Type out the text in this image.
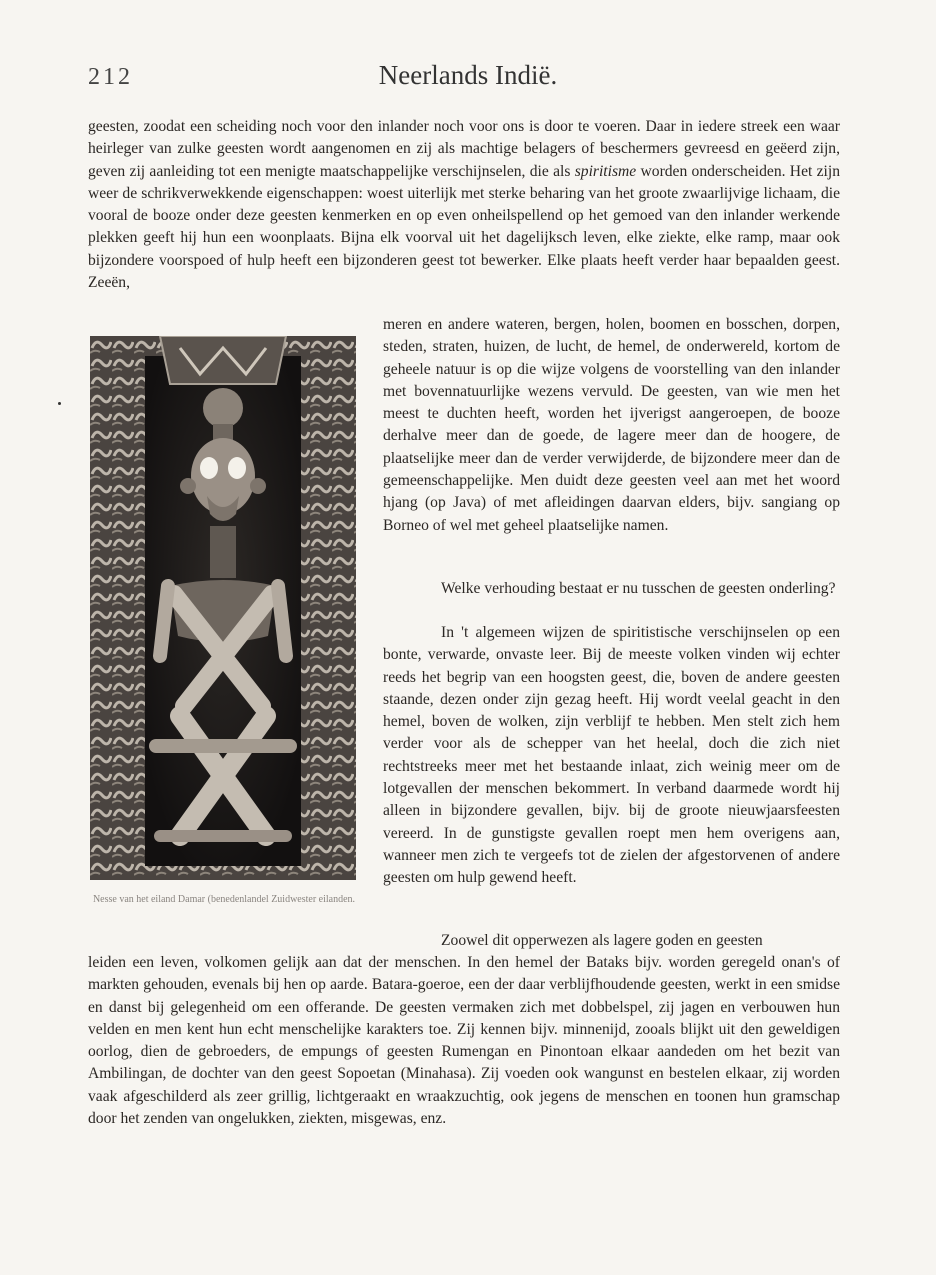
212	Neerlands Indië.
geesten, zoodat een scheiding noch voor den inlander noch voor ons is door te voeren. Daar in iedere streek een waar heirleger van zulke geesten wordt aangenomen en zij als machtige belagers of beschermers gevreesd en geëerd zijn, geven zij aanleiding tot een menigte maatschappelijke verschijnselen, die als spiritisme worden onderscheiden. Het zijn weer de schrikverwekkende eigenschappen: woest uiterlijk met sterke beharing van het groote zwaarlijvige lichaam, die vooral de booze onder deze geesten kenmerken en op even onheilspellend op het gemoed van den inlander werkende plekken geeft hij hun een woonplaats. Bijna elk voorval uit het dagelijksch leven, elke ziekte, elke ramp, maar ook bijzondere voorspoed of hulp heeft een bijzonderen geest tot bewerker. Elke plaats heeft verder haar bepaalden geest. Zeeën,
Nesse van het eiland Damar (benedenlandel Zuidwester eilanden.
meren en andere wateren, bergen, holen, boomen en bosschen, dorpen, steden, straten, huizen, de lucht, de hemel, de onderwereld, kortom de geheele natuur is op die wijze volgens de voorstelling van den inlander met bovennatuurlijke wezens vervuld. De geesten, van wie men het meest te duchten heeft, worden het ijverigst aangeroepen, de booze derhalve meer dan de goede, de lagere meer dan de hoogere, de plaatselijke meer dan de verder verwijderde, de bijzondere meer dan de gemeenschappelijke. Men duidt deze geesten veel aan met het woord hjang (op Java) of met afleidingen daarvan elders, bijv. sangiang op Borneo of wel met geheel plaatselijke namen.
Welke verhouding bestaat er nu tusschen de geesten onderling?
In 't algemeen wijzen de spiritistische verschijnselen op een bonte, verwarde, onvaste leer. Bij de meeste volken vinden wij echter reeds het begrip van een hoogsten geest, die, boven de andere geesten staande, dezen onder zijn gezag heeft. Hij wordt veelal geacht in den hemel, boven de wolken, zijn verblijf te hebben. Men stelt zich hem verder voor als de schepper van het heelal, doch die zich niet rechtstreeks meer met het bestaande inlaat, zich weinig meer om de lotgevallen der menschen bekommert. In verband daarmede wordt hij alleen in bijzondere gevallen, bijv. bij de groote nieuwjaarsfeesten vereerd. In de gunstigste gevallen roept men hem overigens aan, wanneer men zich te vergeefs tot de zielen der afgestorvenen of andere geesten om hulp gewend heeft.
Zoowel dit opperwezen als lagere goden en geesten
leiden een leven, volkomen gelijk aan dat der menschen. In den hemel der Bataks bijv. worden geregeld onan's of markten gehouden, evenals bij hen op aarde. Batara-goeroe, een der daar verblijfhoudende geesten, werkt in een smidse en danst bij gelegenheid om een offerande. De geesten vermaken zich met dobbelspel, zij jagen en verbouwen hun velden en men kent hun echt menschelijke karakters toe. Zij kennen bijv. minnenijd, zooals blijkt uit den geweldigen oorlog, dien de gebroeders, de empungs of geesten Rumengan en Pinontoan elkaar aandeden om het bezit van Ambilingan, de dochter van den geest Sopoetan (Minahasa). Zij voeden ook wangunst en bestelen elkaar, zij worden vaak afgeschilderd als zeer grillig, lichtgeraakt en wraakzuchtig, ook jegens de menschen en toonen hun gramschap door het zenden van ongelukken, ziekten, misgewas, enz.
